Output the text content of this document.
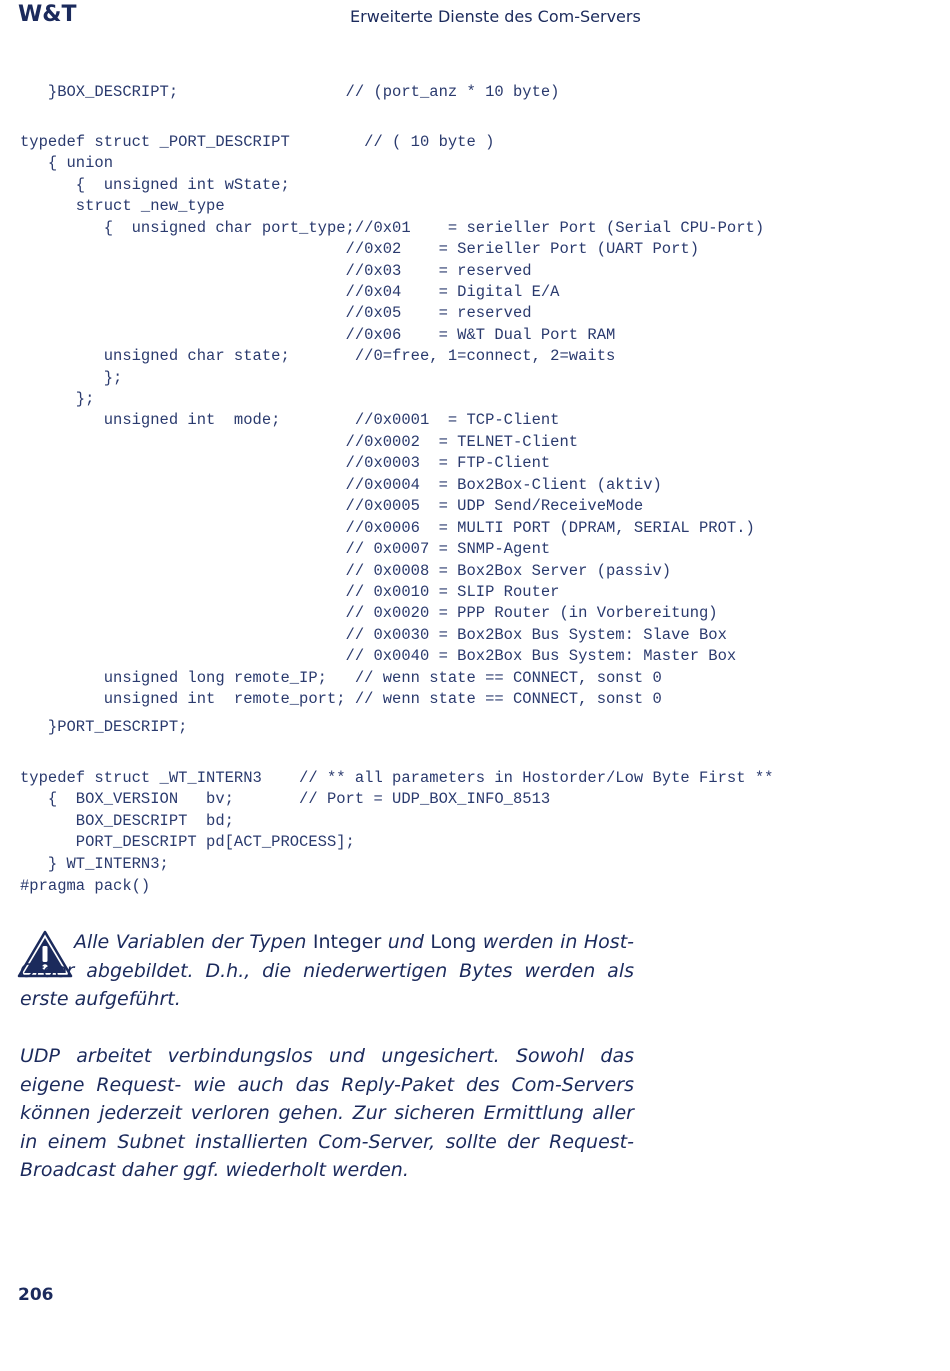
W&T	Erweiterte Dienste des Com-Servers
}BOX_DESCRIPT;                  // (port_anz * 10 byte)
typedef struct _PORT_DESCRIPT        // ( 10 byte )
{ union
{  unsigned int wState;
struct _new_type
{  unsigned char port_type;//0x01    = serieller Port (Serial CPU-Port)
//0x02    = Serieller Port (UART Port)
//0x03    = reserved
//0x04    = Digital E/A
//0x05    = reserved
//0x06    = W&T Dual Port RAM
unsigned char state;       //0=free, 1=connect, 2=waits
};
};
unsigned int  mode;        //0x0001  = TCP-Client
//0x0002  = TELNET-Client
//0x0003  = FTP-Client
//0x0004  = Box2Box-Client (aktiv)
//0x0005  = UDP Send/ReceiveMode
//0x0006  = MULTI PORT (DPRAM, SERIAL PROT.)
// 0x0007 = SNMP-Agent
// 0x0008 = Box2Box Server (passiv)
// 0x0010 = SLIP Router
// 0x0020 = PPP Router (in Vorbereitung)
// 0x0030 = Box2Box Bus System: Slave Box
// 0x0040 = Box2Box Bus System: Master Box
unsigned long remote_IP;   // wenn state == CONNECT, sonst 0
unsigned int  remote_port; // wenn state == CONNECT, sonst 0
}PORT_DESCRIPT;
typedef struct _WT_INTERN3    // ** all parameters in Hostorder/Low Byte First **
{  BOX_VERSION   bv;       // Port = UDP_BOX_INFO_8513
BOX_DESCRIPT  bd;
PORT_DESCRIPT pd[ACT_PROCESS];
} WT_INTERN3;
#pragma pack()

Alle Variablen der Typen Integer und Long werden in Host-Order abgebildet. D.h., die niederwertigen Bytes werden als erste aufgeführt.

UDP arbeitet verbindungslos und ungesichert. Sowohl das eigene Request- wie auch das Reply-Paket des Com-Servers können jederzeit verloren gehen. Zur sicheren Ermittlung aller in einem Subnet installierten Com-Server, sollte der Request-Broadcast daher ggf. wiederholt werden.

206
